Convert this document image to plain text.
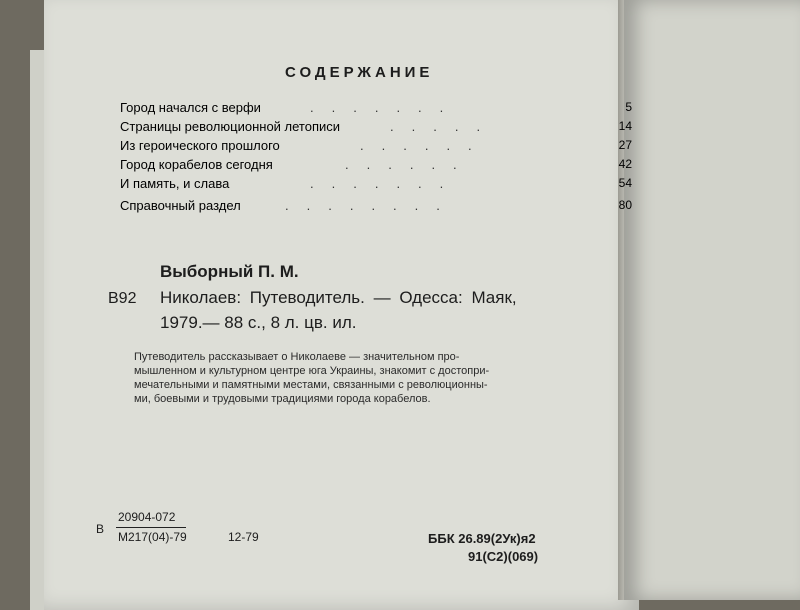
СОДЕРЖАНИЕ
Город начался с верфи	.......	5
Страницы революционной летописи	.....	14
Из героического прошлого	......	27
Город корабелов сегодня	......	42
И память, и слава	.......	54
Справочный раздел	........	80
Выборный П. М.
В92 Николаев: Путеводитель. — Одесса: Маяк,
1979.— 88 с., 8 л. цв. ил.
Путеводитель рассказывает о Николаеве — значительном про-
мышленном и культурном центре юга Украины, знакомит с достопри-
мечательными и памятными местами, связанными с революционны-
ми, боевыми и трудовыми традициями города корабелов.
В
20904-072
М217(04)-79	12-79	ББК 26.89(2Ук)я2
91(С2)(069)
